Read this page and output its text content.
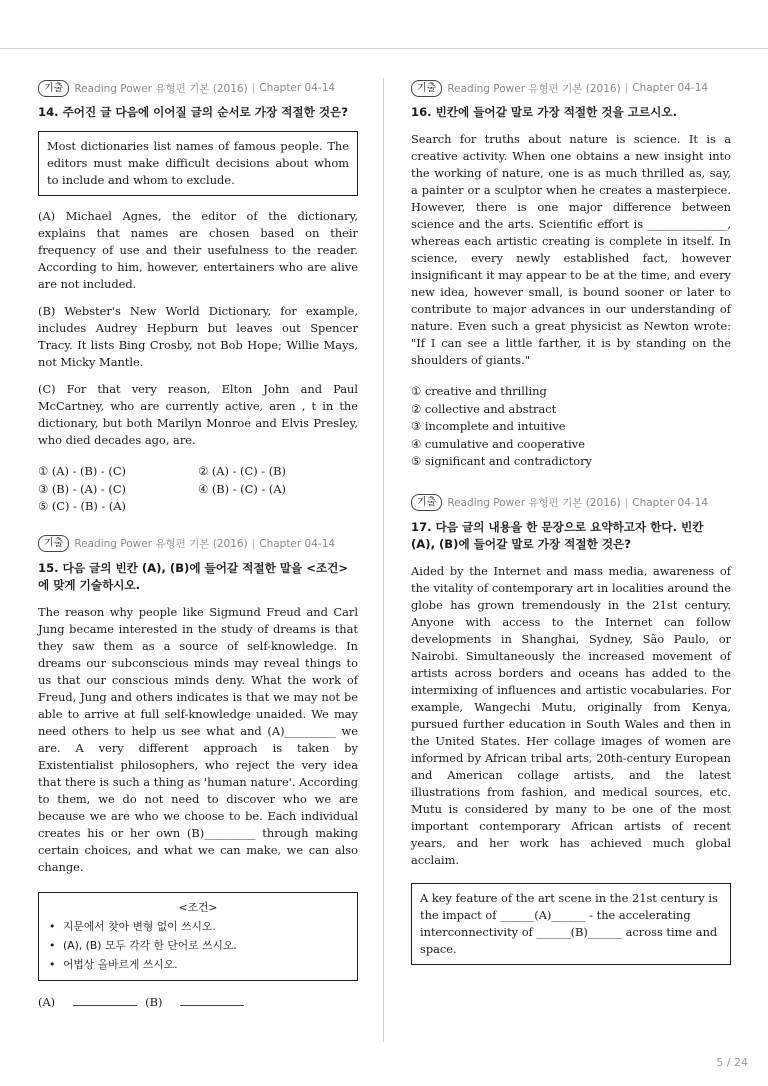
기출	Reading Power 유형편 기본 (2016) | Chapter 04-14

14. 주어진 글 다음에 이어질 글의 순서로 가장 적절한 것은?

Most dictionaries list names of famous people. The editors must make difficult decisions about whom to include and whom to exclude.

(A) Michael Agnes, the editor of the dictionary, explains that names are chosen based on their frequency of use and their usefulness to the reader. According to him, however, entertainers who are alive are not included.

(B) Webster's New World Dictionary, for example, includes Audrey Hepburn but leaves out Spencer Tracy. It lists Bing Crosby, not Bob Hope; Willie Mays, not Micky Mantle.

(C) For that very reason, Elton John and Paul McCartney, who are currently active, aren , t in the dictionary, but both Marilyn Monroe and Elvis Presley, who died decades ago, are.

① (A) - (B) - (C)	② (A) - (C) - (B)
③ (B) - (A) - (C)	④ (B) - (C) - (A)
⑤ (C) - (B) - (A)
기출	Reading Power 유형편 기본 (2016) | Chapter 04-14

15. 다음 글의 빈칸 (A), (B)에 들어갈 적절한 말을 <조건>에 맞게 기술하시오.

The reason why people like Sigmund Freud and Carl Jung became interested in the study of dreams is that they saw them as a source of self-knowledge. In dreams our subconscious minds may reveal things to us that our conscious minds deny. What the work of Freud, Jung and others indicates is that we may not be able to arrive at full self-knowledge unaided. We may need others to help us see what and (A)_________ we are. A very different approach is taken by Existentialist philosophers, who reject the very idea that there is such a thing as 'human nature'. According to them, we do not need to discover who we are because we are who we choose to be. Each individual creates his or her own (B)_________ through making certain choices, and what we can make, we can also change.

<조건>
• 지문에서 찾아 변형 없이 쓰시오.
• (A), (B) 모두 각각 한 단어로 쓰시오.
• 어법상 올바르게 쓰시오.
(A)	(B)
기출	Reading Power 유형편 기본 (2016) | Chapter 04-14

16. 빈칸에 들어갈 말로 가장 적절한 것을 고르시오.

Search for truths about nature is science. It is a creative activity. When one obtains a new insight into the working of nature, one is as much thrilled as, say, a painter or a sculptor when he creates a masterpiece. However, there is one major difference between science and the arts. Scientific effort is ______________, whereas each artistic creating is complete in itself. In science, every newly established fact, however insignificant it may appear to be at the time, and every new idea, however small, is bound sooner or later to contribute to major advances in our understanding of nature. Even such a great physicist as Newton wrote: "If I can see a little farther, it is by standing on the shoulders of giants."

① creative and thrilling
② collective and abstract
③ incomplete and intuitive
④ cumulative and cooperative
⑤ significant and contradictory
기출	Reading Power 유형편 기본 (2016) | Chapter 04-14

17. 다음 글의 내용을 한 문장으로 요약하고자 한다. 빈칸 (A), (B)에 들어갈 말로 가장 적절한 것은?

Aided by the Internet and mass media, awareness of the vitality of contemporary art in localities around the globe has grown tremendously in the 21st century. Anyone with access to the Internet can follow developments in Shanghai, Sydney, São Paulo, or Nairobi. Simultaneously the increased movement of artists across borders and oceans has added to the intermixing of influences and artistic vocabularies. For example, Wangechi Mutu, originally from Kenya, pursued further education in South Wales and then in the United States. Her collage images of women are informed by African tribal arts, 20th-century European and American collage artists, and the latest illustrations from fashion, and medical sources, etc. Mutu is considered by many to be one of the most important contemporary African artists of recent years, and her work has achieved much global acclaim.

A key feature of the art scene in the 21st century is the impact of ______(A)______ - the accelerating interconnectivity of ______(B)______ across time and space.
5 / 24
